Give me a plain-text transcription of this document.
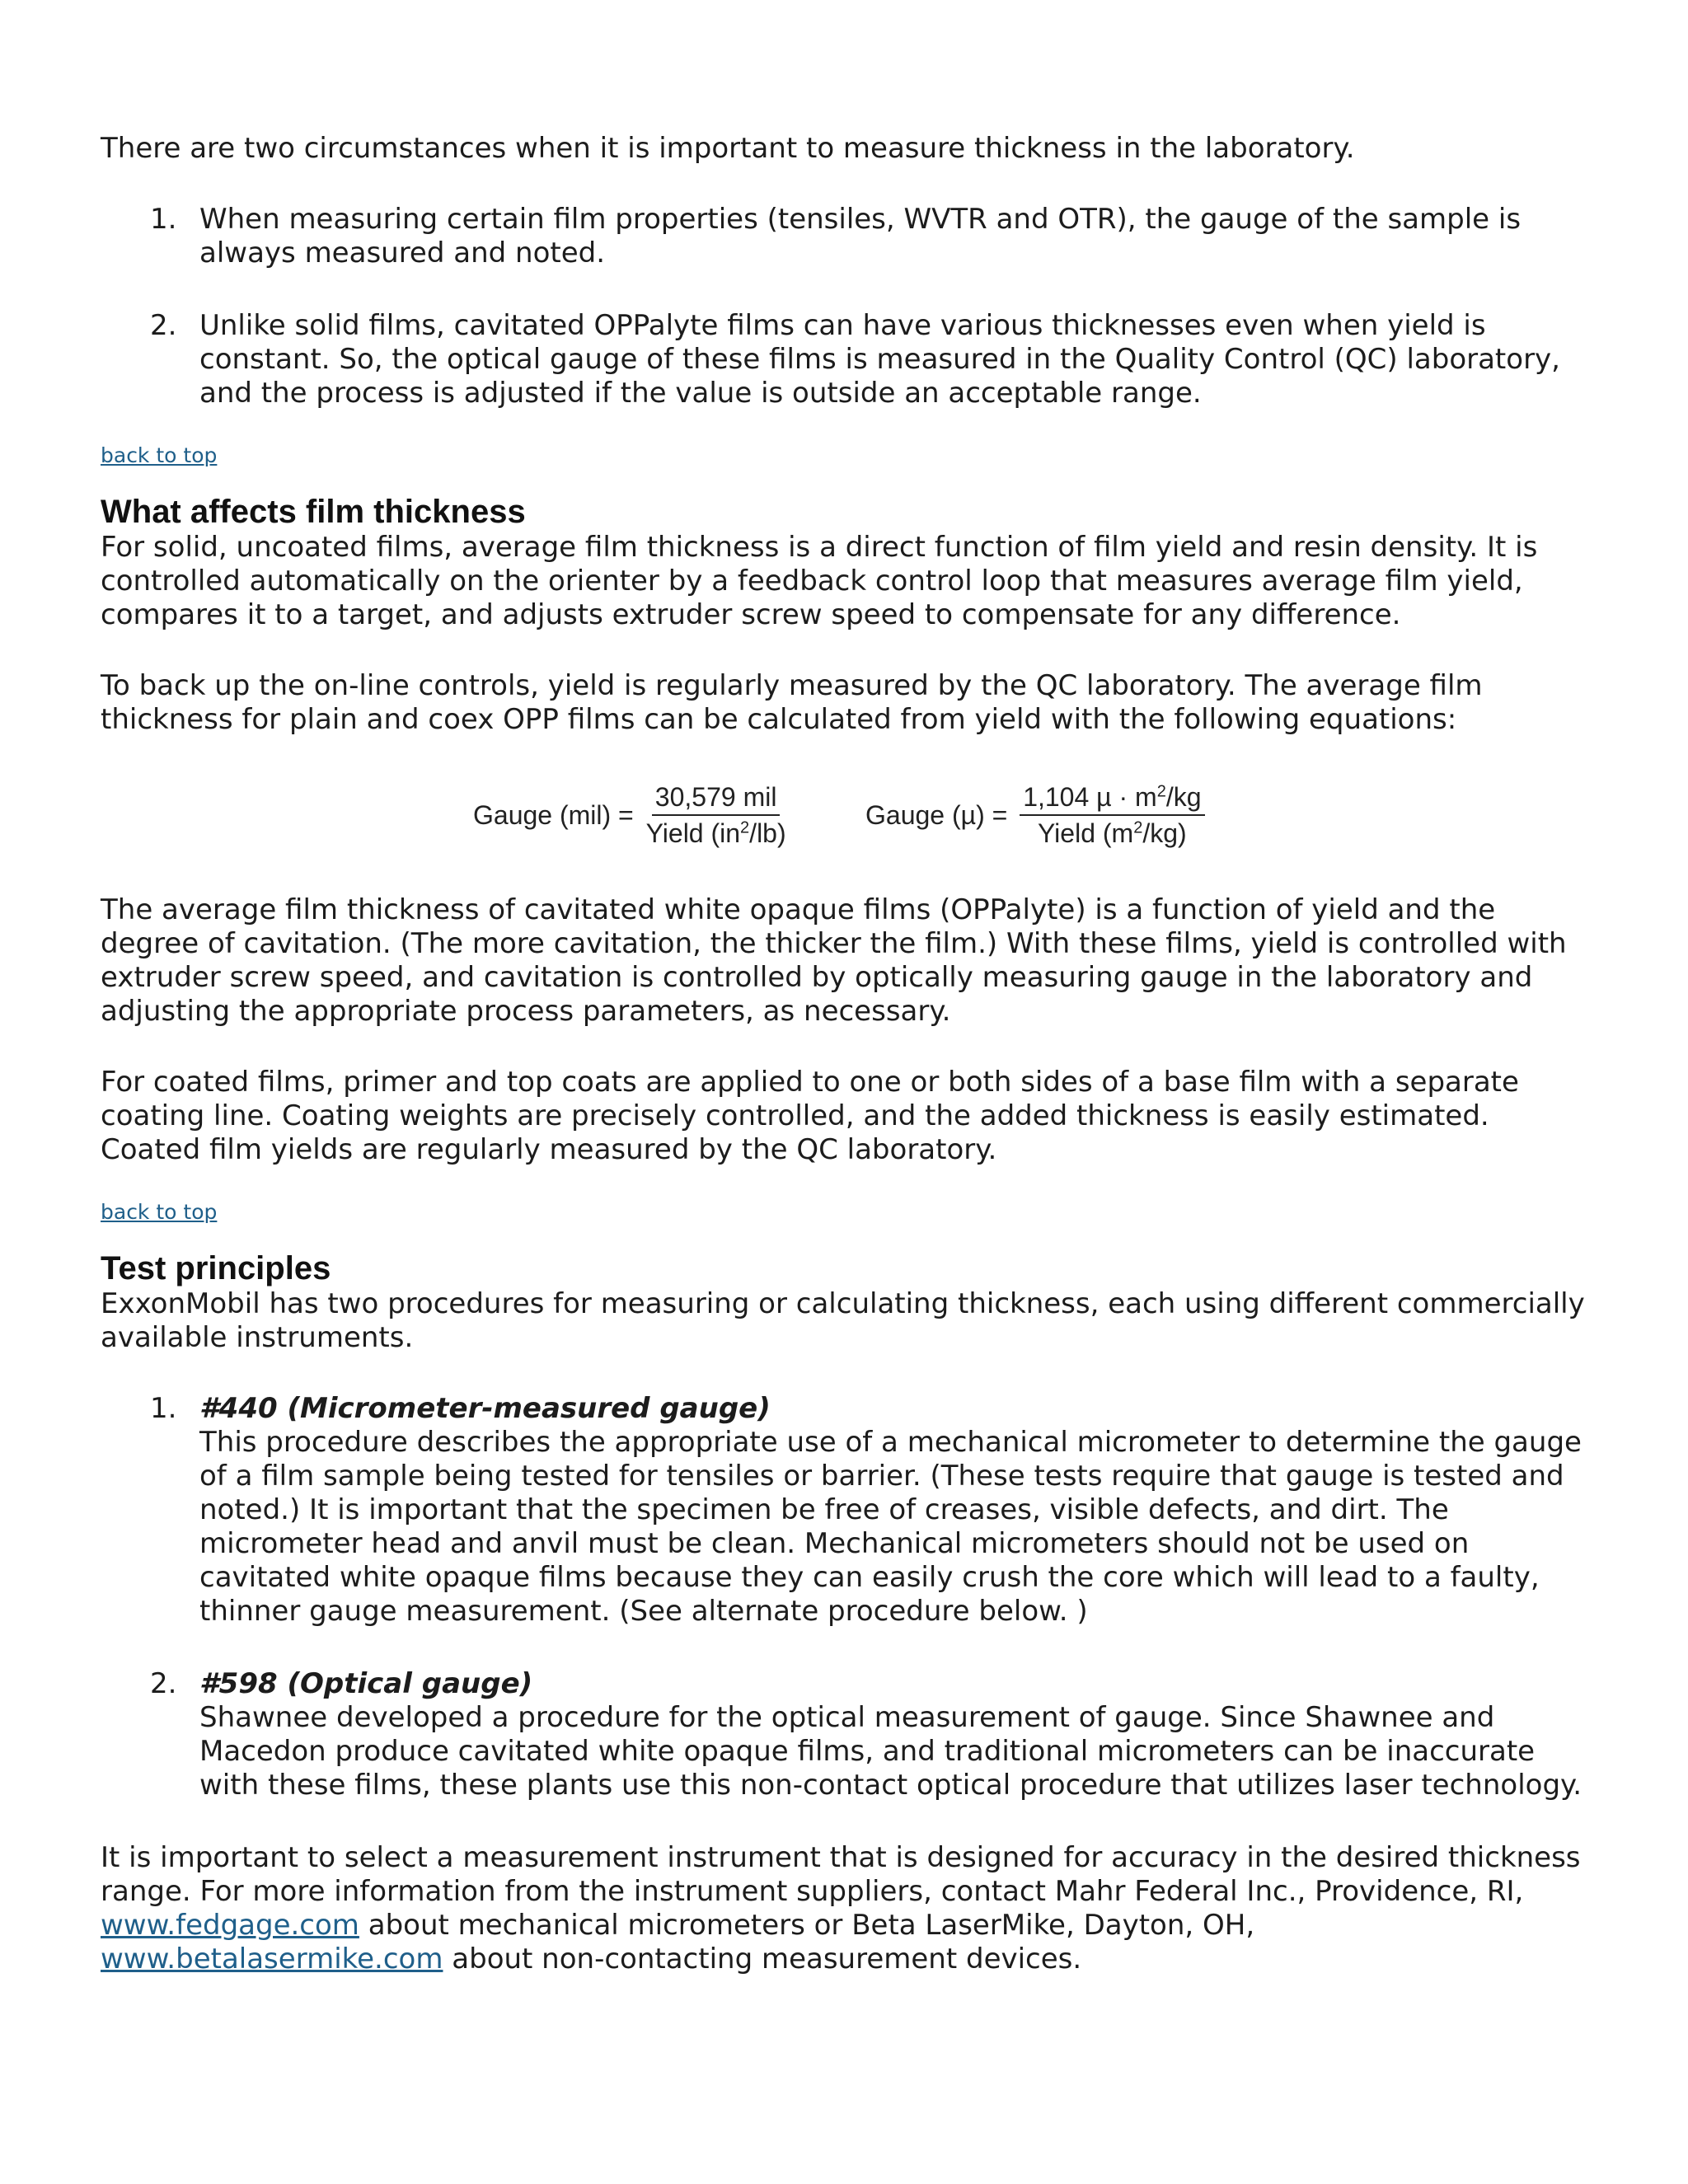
There are two circumstances when it is important to measure thickness in the laboratory.

1. When measuring certain film properties (tensiles, WVTR and OTR), the gauge of the sample is always measured and noted.
2. Unlike solid films, cavitated OPPalyte films can have various thicknesses even when yield is constant. So, the optical gauge of these films is measured in the Quality Control (QC) laboratory, and the process is adjusted if the value is outside an acceptable range.
back to top
What affects film thickness

For solid, uncoated films, average film thickness is a direct function of film yield and resin density. It is controlled automatically on the orienter by a feedback control loop that measures average film yield, compares it to a target, and adjusts extruder screw speed to compensate for any difference.

To back up the on-line controls, yield is regularly measured by the QC laboratory. The average film thickness for plain and coex OPP films can be calculated from yield with the following equations:

Gauge $(mil) = \frac{\text{30,579 mil}}{Yield (in^2/lb)}$	Gauge $(\mu) = \frac{1,104 \mu \cdot m^2/kg}{Yield (m^2/kg)}$

The average film thickness of cavitated white opaque films (OPPalyte) is a function of yield and the degree of cavitation. (The more cavitation, the thicker the film.) With these films, yield is controlled with extruder screw speed, and cavitation is controlled by optically measuring gauge in the laboratory and adjusting the appropriate process parameters, as necessary.

For coated films, primer and top coats are applied to one or both sides of a base film with a separate coating line. Coating weights are precisely controlled, and the added thickness is easily estimated. Coated film yields are regularly measured by the QC laboratory.

back to top
Test principles

ExxonMobil has two procedures for measuring or calculating thickness, each using different commercially available instruments.

1. #440 (Micrometer-measured gauge)
This procedure describes the appropriate use of a mechanical micrometer to determine the gauge of a film sample being tested for tensiles or barrier. (These tests require that gauge is tested and noted.) It is important that the specimen be free of creases, visible defects, and dirt. The micrometer head and anvil must be clean. Mechanical micrometers should not be used on cavitated white opaque films because they can easily crush the core which will lead to a faulty, thinner gauge measurement. (See alternate procedure below. )
2. #598 (Optical gauge)
Shawnee developed a procedure for the optical measurement of gauge. Since Shawnee and Macedon produce cavitated white opaque films, and traditional micrometers can be inaccurate with these films, these plants use this non-contact optical procedure that utilizes laser technology.

It is important to select a measurement instrument that is designed for accuracy in the desired thickness range. For more information from the instrument suppliers, contact Mahr Federal Inc., Providence, RI, www.fedgage.com about mechanical micrometers or Beta LaserMike, Dayton, OH, www.betalasermike.com about non-contacting measurement devices.
